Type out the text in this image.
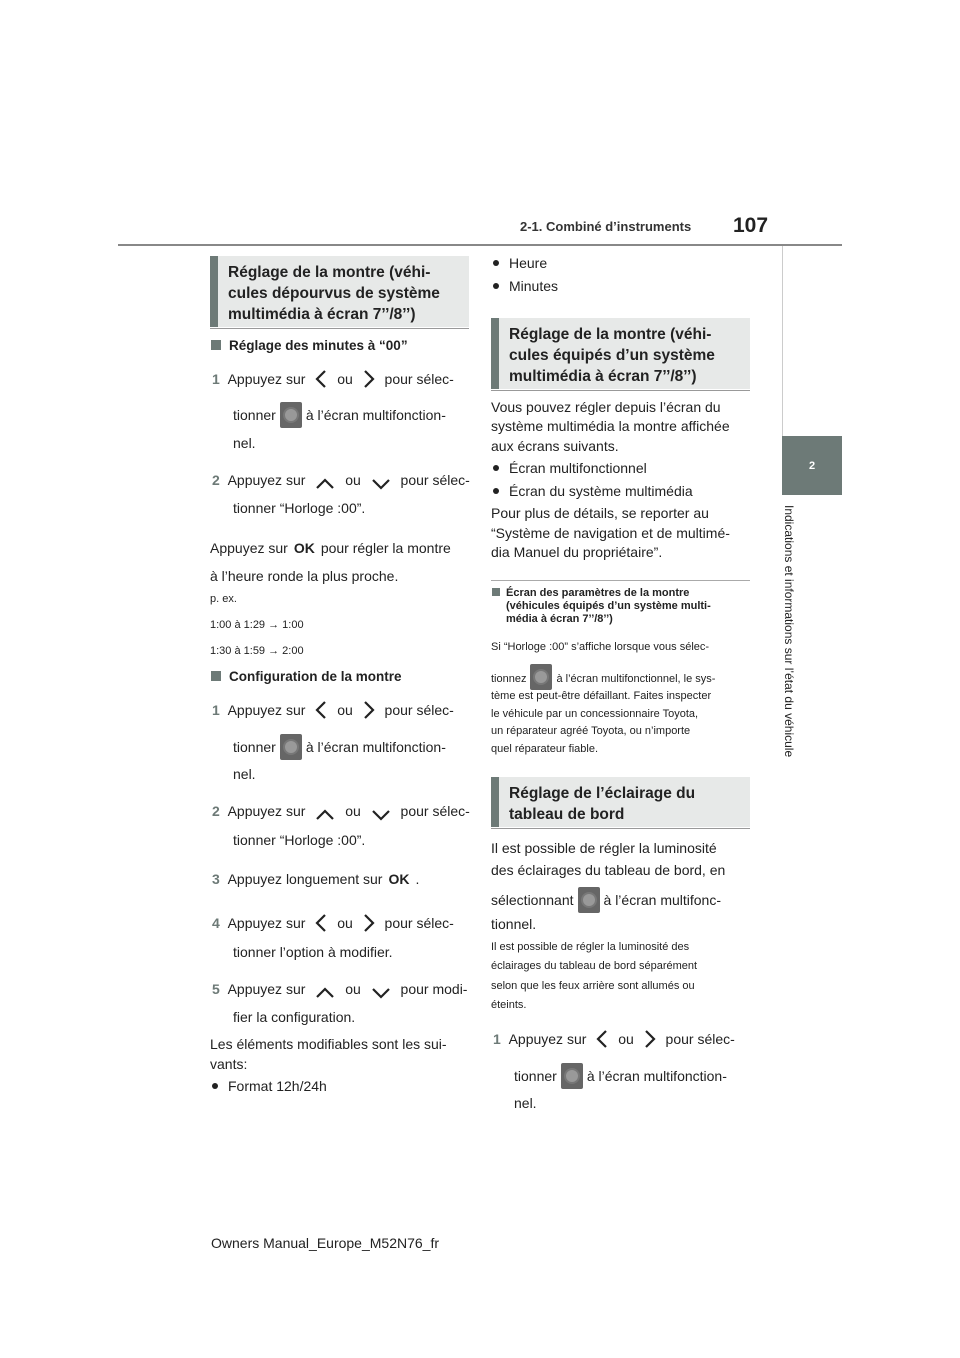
2-1. Combiné d’instruments 107
2
Indications et informations sur l’état du véhicule
Réglage de la montre (véhi-
cules dépourvus de système
multimédia à écran 7’’/8’’)
Réglage des minutes à “00”
1 Appuyez sur ou pour sélec-
tionner à l’écran multifonction-
nel.
2 Appuyez sur	ou	pour sélec-
tionner “Horloge :00”.
Appuyez sur OK pour régler la montre
à l’heure ronde la plus proche.
p. ex.
1:00 à 1:29 → 1:00
1:30 à 1:59 → 2:00
Configuration de la montre
1 Appuyez sur ou pour sélec-
tionner à l’écran multifonction-
nel.
2 Appuyez sur	ou	pour sélec-
tionner “Horloge :00”.
3 Appuyez longuement sur OK .
4 Appuyez sur ou pour sélec-
tionner l’option à modifier.
5 Appuyez sur	ou	pour modi-
fier la configuration.
Les éléments modifiables sont les sui-
vants:
Format 12h/24h
Heure
Minutes
Réglage de la montre (véhi-
cules équipés d’un système
multimédia à écran 7’’/8’’)
Vous pouvez régler depuis l’écran du
système multimédia la montre affichée
aux écrans suivants.
Écran multifonctionnel
Écran du système multimédia
Pour plus de détails, se reporter au
“Système de navigation et de multimé-
dia Manuel du propriétaire”.
Écran des paramètres de la montre
(véhicules équipés d’un système multi-
média à écran 7’’/8’’)
Si “Horloge :00” s’affiche lorsque vous sélec-
tionnez	à l’écran multifonctionnel, le sys-
tème est peut-être défaillant. Faites inspecter
le véhicule par un concessionnaire Toyota,
un réparateur agréé Toyota, ou n’importe
quel réparateur fiable.
Réglage de l’éclairage du
tableau de bord
Il est possible de régler la luminosité
des éclairages du tableau de bord, en
sélectionnant à l’écran multifonc-
tionnel.
Il est possible de régler la luminosité des
éclairages du tableau de bord séparément
selon que les feux arrière sont allumés ou
éteints.
1 Appuyez sur ou pour sélec-
tionner à l’écran multifonction-
nel.
Owners Manual_Europe_M52N76_fr
